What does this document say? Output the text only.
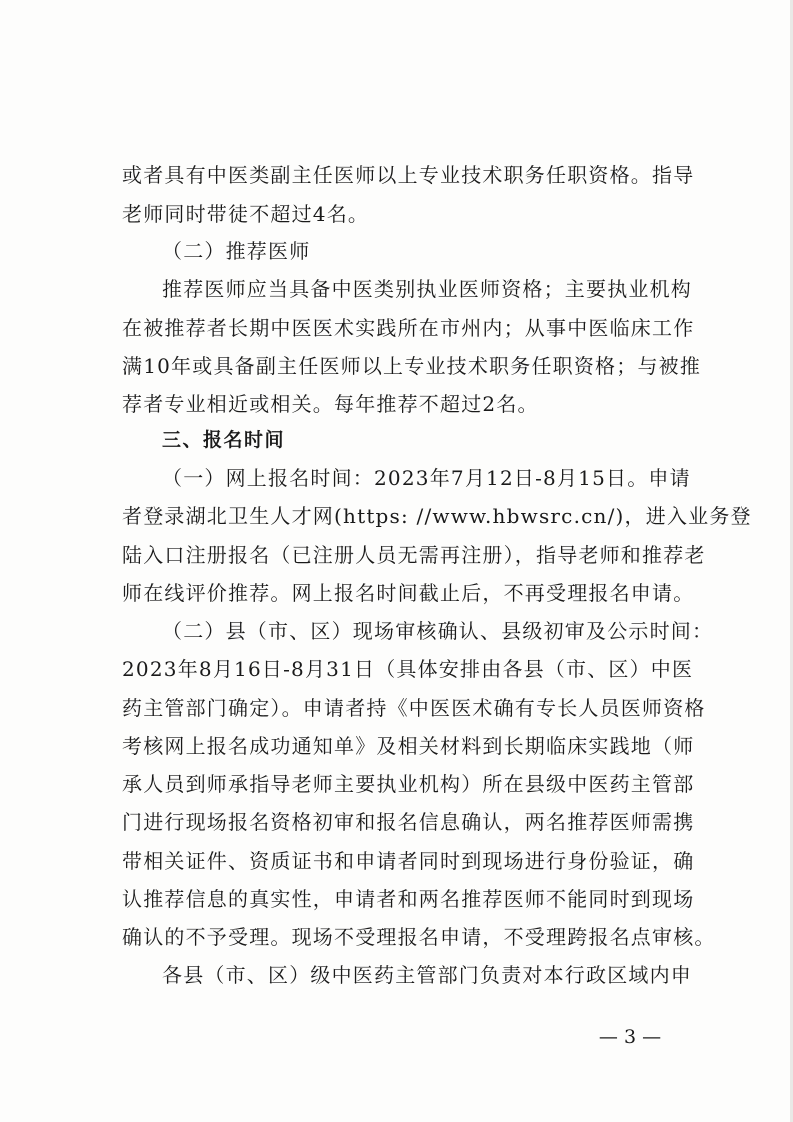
或者具有中医类副主任医师以上专业技术职务任职资格。指导
老师同时带徒不超过4名。
（二）推荐医师
推荐医师应当具备中医类别执业医师资格；主要执业机构
在被推荐者长期中医医术实践所在市州内；从事中医临床工作
满10年或具备副主任医师以上专业技术职务任职资格；与被推
荐者专业相近或相关。每年推荐不超过2名。
三、报名时间
（一）网上报名时间：2023年7月12日-8月15日。申请
者登录湖北卫生人才网(https: //www.hbwsrc.cn/)，进入业务登
陆入口注册报名（已注册人员无需再注册），指导老师和推荐老
师在线评价推荐。网上报名时间截止后，不再受理报名申请。
（二）县（市、区）现场审核确认、县级初审及公示时间：
2023年8月16日-8月31日（具体安排由各县（市、区）中医
药主管部门确定）。申请者持《中医医术确有专长人员医师资格
考核网上报名成功通知单》及相关材料到长期临床实践地（师
承人员到师承指导老师主要执业机构）所在县级中医药主管部
门进行现场报名资格初审和报名信息确认，两名推荐医师需携
带相关证件、资质证书和申请者同时到现场进行身份验证，确
认推荐信息的真实性，申请者和两名推荐医师不能同时到现场
确认的不予受理。现场不受理报名申请，不受理跨报名点审核。
各县（市、区）级中医药主管部门负责对本行政区域内申
— 3 —
